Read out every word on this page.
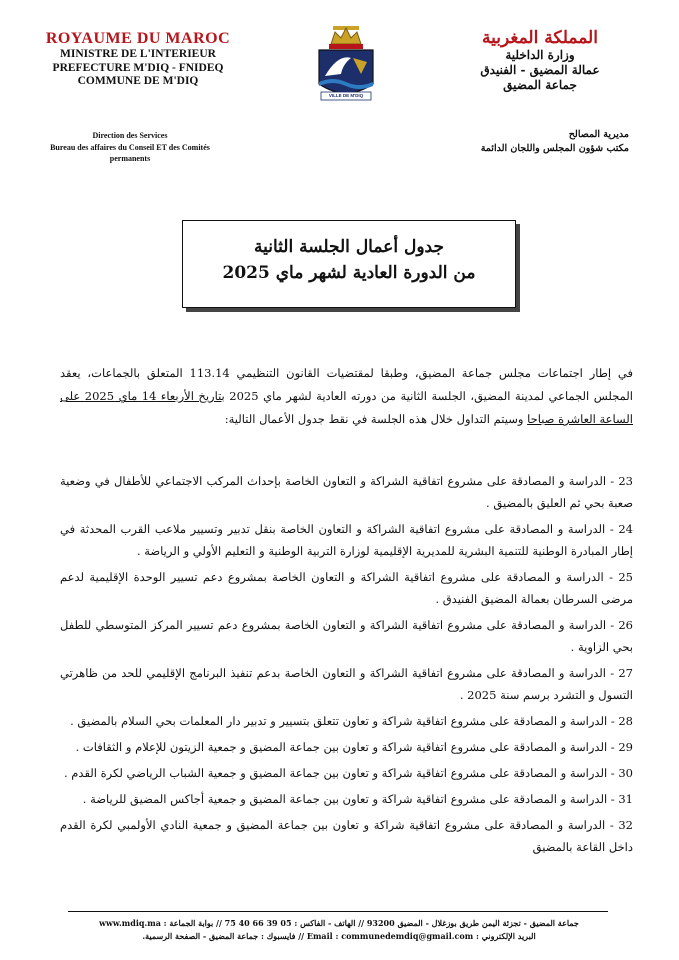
ROYAUME DU MAROC
MINISTRE DE L'INTERIEUR
PREFECTURE M'DIQ - FNIDEQ
COMMUNE DE M'DIQ
Direction des Services
Bureau des affaires du Conseil ET des Comités
permanents
VILLE DE M'DIQ
المملكة المغربية
وزارة الداخلية
عمالة المضيق - الفنيدق
جماعة المضيق
مديرية المصالح
مكتب شؤون المجلس واللجان الدائمة
جدول أعمال الجلسة الثانية
من الدورة العادية لشهر ماي 2025
في إطار اجتماعات مجلس جماعة المضيق، وطبقا لمقتضيات القانون التنظيمي 113.14 المتعلق بالجماعات، يعقد المجلس الجماعي لمدينة المضيق، الجلسة الثانية من دورته العادية لشهر ماي 2025 بتاريخ الأربعاء 14 ماي 2025 على الساعة العاشرة صباحا وسيتم التداول خلال هذه الجلسة في نقط جدول الأعمال التالية:
23 - الدراسة و المصادقة على مشروع اتفاقية الشراكة و التعاون الخاصة بإحداث المركب الاجتماعي للأطفال في وضعية صعبة بحي ثم العليق بالمضيق .
24 - الدراسة و المصادقة على مشروع اتفاقية الشراكة و التعاون الخاصة بنقل تدبير وتسيير ملاعب القرب المحدثة في إطار المبادرة الوطنية للتنمية البشرية للمديرية الإقليمية لوزارة التربية الوطنية و التعليم الأولي و الرياضة .
25 - الدراسة و المصادقة على مشروع اتفاقية الشراكة و التعاون الخاصة بمشروع دعم تسيير الوحدة الإقليمية لدعم مرضى السرطان بعمالة المضيق الفنيدق .
26 - الدراسة و المصادقة على مشروع اتفاقية الشراكة و التعاون الخاصة بمشروع دعم تسيير المركز المتوسطي للطفل بحي الزاوية .
27 - الدراسة و المصادقة على مشروع اتفاقية الشراكة و التعاون الخاصة بدعم تنفيذ البرنامج الإقليمي للحد من ظاهرتي التسول و التشرد برسم سنة 2025 .
28 - الدراسة و المصادقة على مشروع اتفاقية شراكة و تعاون تتعلق بتسيير و تدبير دار المعلمات بحي السلام بالمضيق .
29 - الدراسة و المصادقة على مشروع اتفاقية شراكة و تعاون بين جماعة المضيق و جمعية الزيتون للإعلام و الثقافات .
30 - الدراسة و المصادقة على مشروع اتفاقية شراكة و تعاون بين جماعة المضيق و جمعية الشباب الرياضي لكرة القدم .
31 - الدراسة و المصادقة على مشروع اتفاقية شراكة و تعاون بين جماعة المضيق و جمعية أجاكس المضيق للرياضة .
32 - الدراسة و المصادقة على مشروع اتفاقية شراكة و تعاون بين جماعة المضيق و جمعية النادي الأولمبي لكرة القدم داخل القاعة بالمضيق
جماعة المضيق - تجزئة اليمن طريق بوزغلال - المضيق 93200 // الهاتف - الفاكس : 05 39 66 40 75 // بوابة الجماعة : www.mdiq.ma
البريد الإلكتروني : Email : communedemdiq@gmail.com // فايسبوك : جماعة المضيق - الصفحة الرسمية.
